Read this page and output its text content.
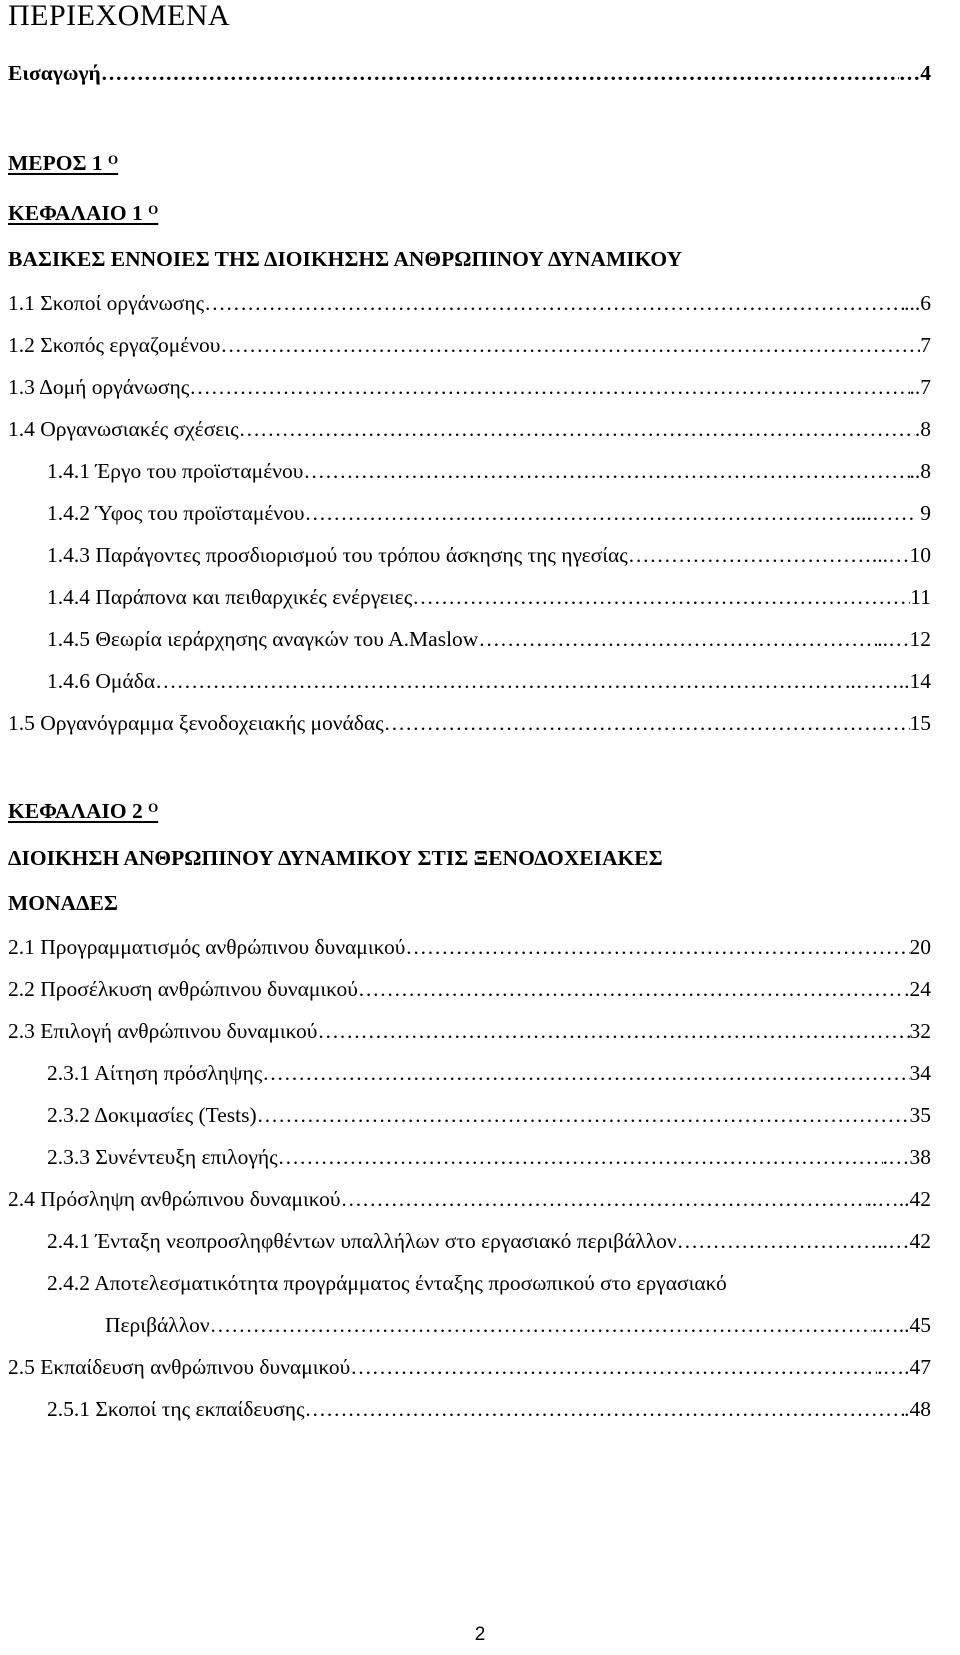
ΠΕΡΙΕΧΟΜΕΝΑ
Εισαγωγή ……………………………………………………………………………………………………………………………………………………………………………………………………………	…4
ΜΕΡΟΣ 1 $^O$
ΚΕΦΑΛΑΙΟ 1 $^O$
ΒΑΣΙΚΕΣ ΕΝΝΟΙΕΣ ΤΗΣ ΔΙΟΙΚΗΣΗΣ ΑΝΘΡΩΠΙΝΟΥ ΔΥΝΑΜΙΚΟΥ
1.1 Σκοποί οργάνωσης ……………………………………………………………………………………………………………………………………………………………………………………………………………	...6
1.2 Σκοπός εργαζομένου ……………………………………………………………………………………………………………………………………………………………………………………………………………	7
1.3 Δομή οργάνωσης ……………………………………………………………………………………………………………………………………………………………………………………………………………	..7
1.4 Οργανωσιακές σχέσεις ……………………………………………………………………………………………………………………………………………………………………………………………………………	.8
1.4.1 Έργο του προϊσταμένου ……………………………………………………………………………………………………………………………………………………………………………………………………………	..8
1.4.2 Ύφος του προϊσταμένου ……………………………………………………………………………………………………………………………………………………………………………………………………………	...…… 9
1.4.3 Παράγοντες προσδιορισμού του τρόπου άσκησης της ηγεσίας ……………………………………………………………………………………………………………………………………………………………………………………………………………	...…10
1.4.4 Παράπονα και πειθαρχικές ενέργειες ……………………………………………………………………………………………………………………………………………………………………………………………………………	11
1.4.5 Θεωρία ιεράρχησης αναγκών του Α.Maslow ……………………………………………………………………………………………………………………………………………………………………………………………………………	..…12
1.4.6 Ομάδα ……………………………………………………………………………………………………………………………………………………………………………………………………………	..……..14
1.5 Οργανόγραμμα ξενοδοχειακής μονάδας ……………………………………………………………………………………………………………………………………………………………………………………………………………	15
ΚΕΦΑΛΑΙΟ 2 $^O$
ΔΙΟΙΚΗΣΗ ΑΝΘΡΩΠΙΝΟΥ ΔΥΝΑΜΙΚΟΥ ΣΤΙΣ ΞΕΝΟΔΟΧΕΙΑΚΕΣ
ΜΟΝΑΔΕΣ
2.1 Προγραμματισμός ανθρώπινου δυναμικού ……………………………………………………………………………………………………………………………………………………………………………………………………………	20
2.2 Προσέλκυση ανθρώπινου δυναμικού ……………………………………………………………………………………………………………………………………………………………………………………………………………	.24
2.3 Επιλογή ανθρώπινου δυναμικού ……………………………………………………………………………………………………………………………………………………………………………………………………………	32
2.3.1 Αίτηση πρόσληψης ……………………………………………………………………………………………………………………………………………………………………………………………………………	34
2.3.2 Δοκιμασίες (Tests) ……………………………………………………………………………………………………………………………………………………………………………………………………………	35
2.3.3 Συνέντευξη επιλογής ……………………………………………………………………………………………………………………………………………………………………………………………………………	.…38
2.4 Πρόσληψη ανθρώπινου δυναμικού ……………………………………………………………………………………………………………………………………………………………………………………………………………	..…..42
2.4.1 Ένταξη νεοπροσληφθέντων υπαλλήλων στο εργασιακό περιβάλλον ……………………………………………………………………………………………………………………………………………………………………………………………………………	..…42
2.4.2 Αποτελεσματικότητα προγράμματος ένταξης προσωπικού στο εργασιακό
Περιβάλλον ……………………………………………………………………………………………………………………………………………………………………………………………………………	.…..45
2.5 Εκπαίδευση ανθρώπινου δυναμικού ……………………………………………………………………………………………………………………………………………………………………………………………………………	.….47
2.5.1 Σκοποί της εκπαίδευσης ……………………………………………………………………………………………………………………………………………………………………………………………………………	.48
2
